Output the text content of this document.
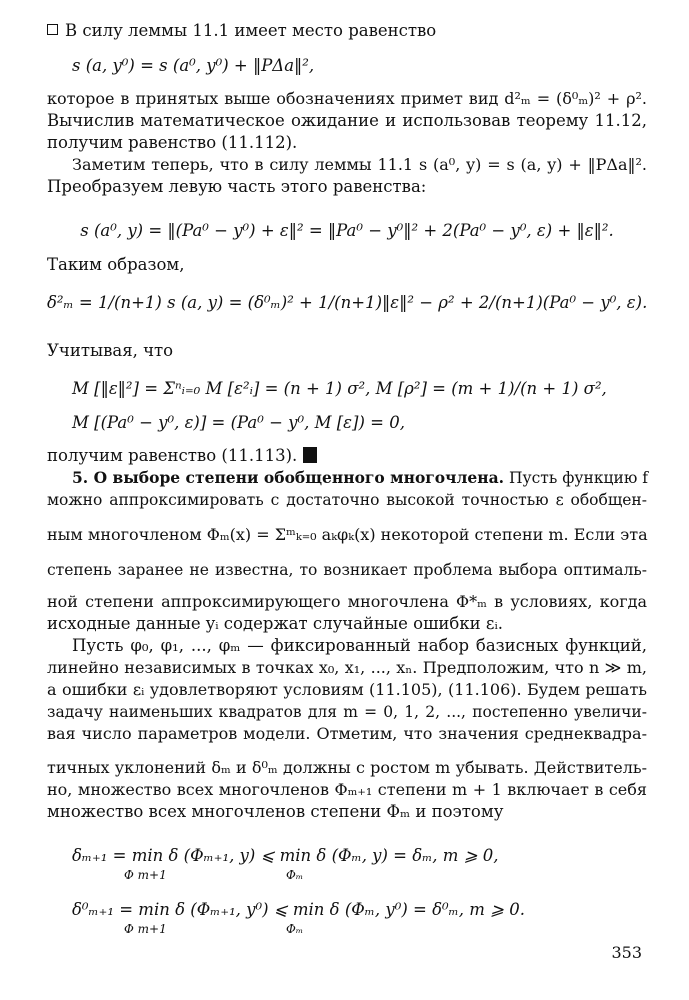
В силу леммы 11.1 имеет место равенство
s (a, y⁰) = s (a⁰, y⁰) + ‖PΔa‖²,
которое в принятых выше обозначениях примет вид d²ₘ = (δ⁰ₘ)² + ρ².
Вычислив математическое ожидание и использовав теорему 11.12,
получим равенство (11.112).
Заметим теперь, что в силу леммы 11.1 s (a⁰, y) = s (a, y) + ‖PΔa‖².
Преобразуем левую часть этого равенства:
s (a⁰, y) = ‖(Pa⁰ − y⁰) + ε‖² = ‖Pa⁰ − y⁰‖² + 2(Pa⁰ − y⁰, ε) + ‖ε‖².
Таким образом,
δ²ₘ = 1/(n+1) s (a, y) = (δ⁰ₘ)² + 1/(n+1)‖ε‖² − ρ² + 2/(n+1)(Pa⁰ − y⁰, ε).
Учитывая, что
M [‖ε‖²] = Σⁿᵢ₌₀ M [ε²ᵢ] = (n + 1) σ², M [ρ²] = (m + 1)/(n + 1) σ²,
M [(Pa⁰ − y⁰, ε)] = (Pa⁰ − y⁰, M [ε]) = 0,
получим равенство (11.113).
5. О выборе степени обобщенного многочлена. Пусть функцию f
можно аппроксимировать с достаточно высокой точностью ε обобщен-
ным многочленом Φₘ(x) = Σᵐₖ₌₀ aₖφₖ(x) некоторой степени m. Если эта
степень заранее не известна, то возникает проблема выбора оптималь-
ной степени аппроксимирующего многочлена Φ*ₘ в условиях, когда
исходные данные yᵢ содержат случайные ошибки εᵢ.
Пусть φ₀, φ₁, ..., φₘ — фиксированный набор базисных функций,
линейно независимых в точках x₀, x₁, ..., xₙ. Предположим, что n ≫ m,
а ошибки εᵢ удовлетворяют условиям (11.105), (11.106). Будем решать
задачу наименьших квадратов для m = 0, 1, 2, ..., постепенно увеличи-
вая число параметров модели. Отметим, что значения среднеквадра-
тичных уклонений δₘ и δ⁰ₘ должны с ростом m убывать. Действитель-
но, множество всех многочленов Φₘ₊₁ степени m + 1 включает в себя
множество всех многочленов степени Φₘ и поэтому
δₘ₊₁ = min δ (Φₘ₊₁, y) ⩽ min δ (Φₘ, y) = δₘ, m ⩾ 0,
Φ m+1	Φₘ
δ⁰ₘ₊₁ = min δ (Φₘ₊₁, y⁰) ⩽ min δ (Φₘ, y⁰) = δ⁰ₘ, m ⩾ 0.
Φ m+1	Φₘ
353
